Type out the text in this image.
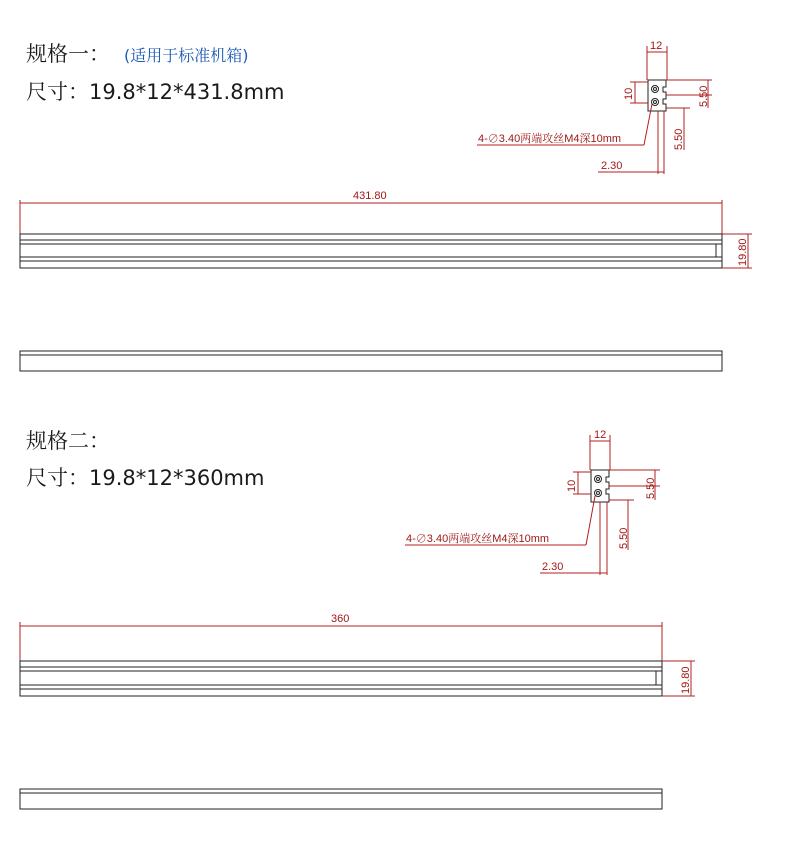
规格一： (适用于标准机箱)
尺寸：19.8*12*431.8mm
规格二：
尺寸：19.8*12*360mm
12
10	5.50
5.50
2.30
4-∅3.40两端攻丝M4深10mm
431.80
19.80
12
10	5.50
5.50
2.30
4-∅3.40两端攻丝M4深10mm
360
19.80
